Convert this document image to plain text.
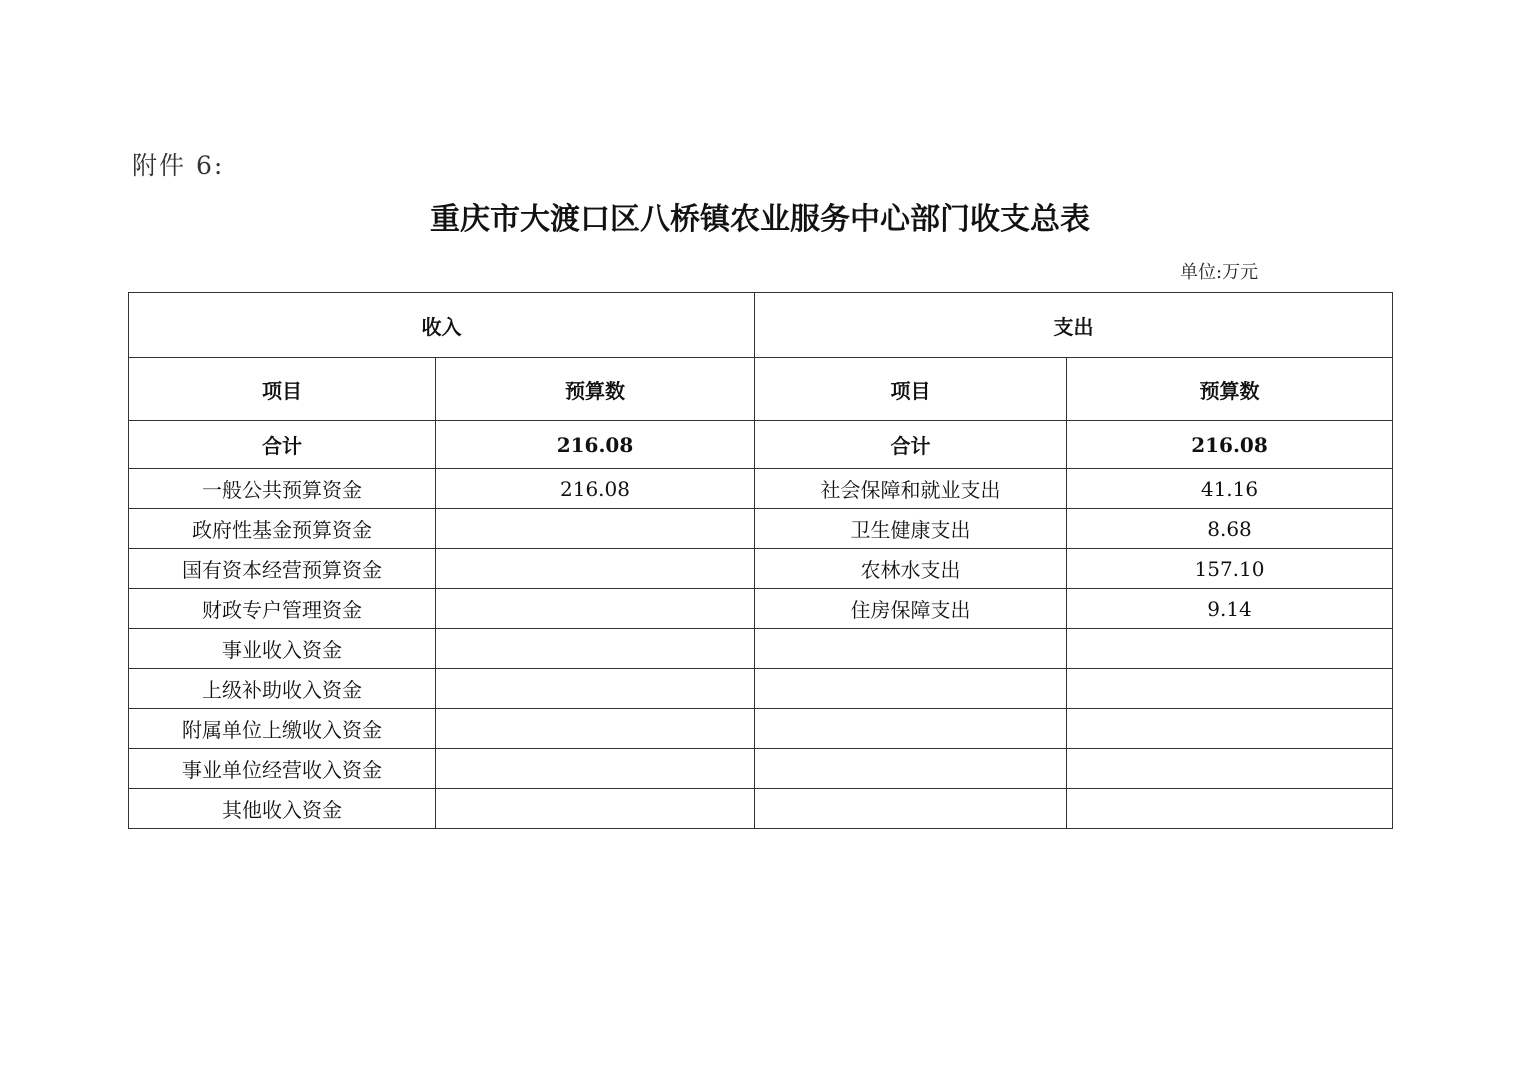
附件 6:
重庆市大渡口区八桥镇农业服务中心部门收支总表
单位:万元
收入		支出	
项目	预算数	项目	预算数
合计	216.08	合计	216.08
一般公共预算资金	216.08	社会保障和就业支出	41.16
政府性基金预算资金		卫生健康支出	8.68
国有资本经营预算资金		农林水支出	157.10
财政专户管理资金		住房保障支出	9.14
事业收入资金			
上级补助收入资金			
附属单位上缴收入资金			
事业单位经营收入资金			
其他收入资金			
